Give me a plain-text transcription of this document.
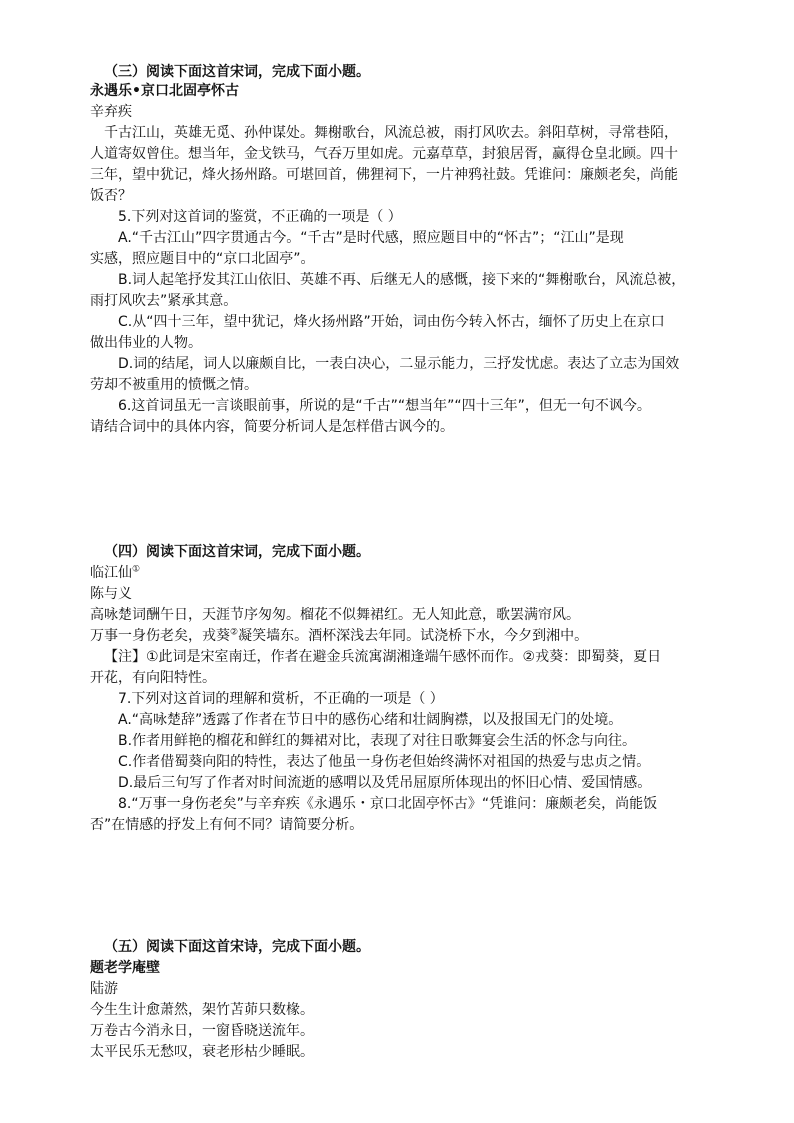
（三）阅读下面这首宋词，完成下面小题。
永遇乐•京口北固亭怀古
辛弃疾
千古江山，英雄无觅、孙仲谋处。舞榭歌台，风流总被，雨打风吹去。斜阳草树，寻常巷陌，
人道寄奴曾住。想当年，金戈铁马，气吞万里如虎。元嘉草草，封狼居胥，赢得仓皇北顾。四十
三年，望中犹记，烽火扬州路。可堪回首，佛狸祠下，一片神鸦社鼓。凭谁问：廉颇老矣，尚能
饭否？
5.下列对这首词的鉴赏，不正确的一项是（ ）
A.“千古江山”四字贯通古今。“千古”是时代感，照应题目中的“怀古”；“江山”是现
实感，照应题目中的“京口北固亭”。
B.词人起笔抒发其江山依旧、英雄不再、后继无人的感慨，接下来的“舞榭歌台，风流总被，
雨打风吹去”紧承其意。
C.从“四十三年，望中犹记，烽火扬州路”开始，词由伤今转入怀古，缅怀了历史上在京口
做出伟业的人物。
D.词的结尾，词人以廉颇自比，一表白决心，二显示能力，三抒发忧虑。表达了立志为国效
劳却不被重用的愤慨之情。
6.这首词虽无一言谈眼前事，所说的是“千古”“想当年”“四十三年”，但无一句不讽今。
请结合词中的具体内容，简要分析词人是怎样借古讽今的。
（四）阅读下面这首宋词，完成下面小题。
临江仙①
陈与义
高咏楚词酬午日，天涯节序匆匆。榴花不似舞裙红。无人知此意，歌罢满帘风。
万事一身伤老矣，戎葵②凝笑墙东。酒杯深浅去年同。试浇桥下水，今夕到湘中。
【注】①此词是宋室南迁，作者在避金兵流寓湖湘逢端午感怀而作。②戎葵：即蜀葵，夏日
开花，有向阳特性。
7.下列对这首词的理解和赏析，不正确的一项是（ ）
A.“高咏楚辞”透露了作者在节日中的感伤心绪和壮阔胸襟，以及报国无门的处境。
B.作者用鲜艳的榴花和鲜红的舞裙对比，表现了对往日歌舞宴会生活的怀念与向往。
C.作者借蜀葵向阳的特性，表达了他虽一身伤老但始终满怀对祖国的热爱与忠贞之情。
D.最后三句写了作者对时间流逝的感喟以及凭吊屈原所体现出的怀旧心情、爱国情感。
8.“万事一身伤老矣”与辛弃疾《永遇乐・京口北固亭怀古》“凭谁问：廉颇老矣，尚能饭
否”在情感的抒发上有何不同？请简要分析。
（五）阅读下面这首宋诗，完成下面小题。
题老学庵壁
陆游
今生生计愈萧然，架竹苫茆只数椽。
万卷古今消永日，一窗昏晓送流年。
太平民乐无愁叹，衰老形枯少睡眠。
